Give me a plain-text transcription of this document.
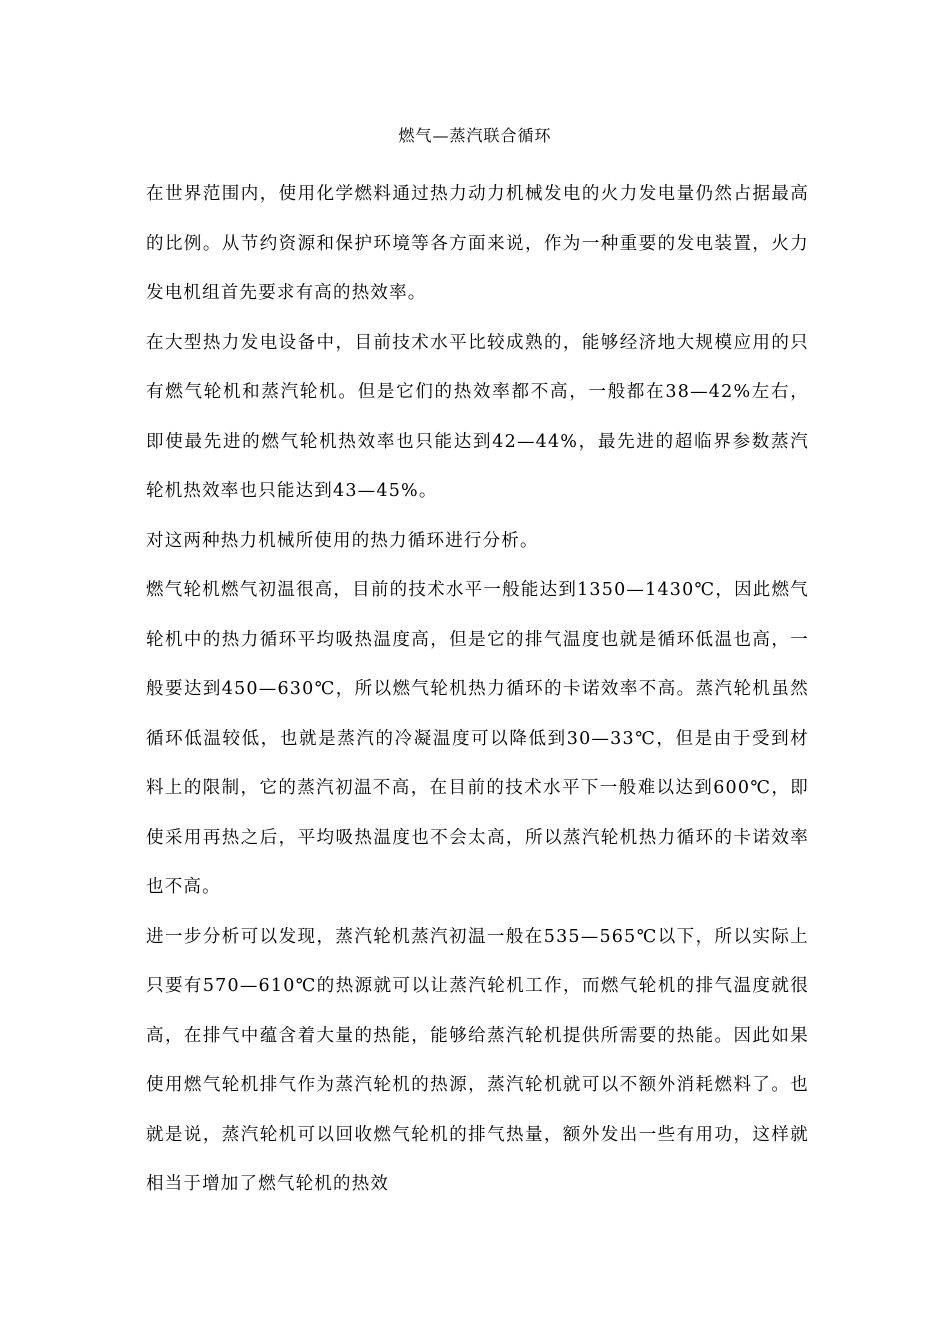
燃气—蒸汽联合循环

在世界范围内，使用化学燃料通过热力动力机械发电的火力发电量仍然占据最高的比例。从节约资源和保护环境等各方面来说，作为一种重要的发电装置，火力发电机组首先要求有高的热效率。

在大型热力发电设备中，目前技术水平比较成熟的，能够经济地大规模应用的只有燃气轮机和蒸汽轮机。但是它们的热效率都不高，一般都在38—42%左右，即使最先进的燃气轮机热效率也只能达到42—44%，最先进的超临界参数蒸汽轮机热效率也只能达到43—45%。

对这两种热力机械所使用的热力循环进行分析。

燃气轮机燃气初温很高，目前的技术水平一般能达到1350—1430℃，因此燃气轮机中的热力循环平均吸热温度高，但是它的排气温度也就是循环低温也高，一般要达到450—630℃，所以燃气轮机热力循环的卡诺效率不高。蒸汽轮机虽然循环低温较低，也就是蒸汽的冷凝温度可以降低到30—33℃，但是由于受到材料上的限制，它的蒸汽初温不高，在目前的技术水平下一般难以达到600℃，即使采用再热之后，平均吸热温度也不会太高，所以蒸汽轮机热力循环的卡诺效率也不高。

进一步分析可以发现，蒸汽轮机蒸汽初温一般在535—565℃以下，所以实际上只要有570—610℃的热源就可以让蒸汽轮机工作，而燃气轮机的排气温度就很高，在排气中蕴含着大量的热能，能够给蒸汽轮机提供所需要的热能。因此如果使用燃气轮机排气作为蒸汽轮机的热源，蒸汽轮机就可以不额外消耗燃料了。也就是说，蒸汽轮机可以回收燃气轮机的排气热量，额外发出一些有用功，这样就相当于增加了燃气轮机的热效
